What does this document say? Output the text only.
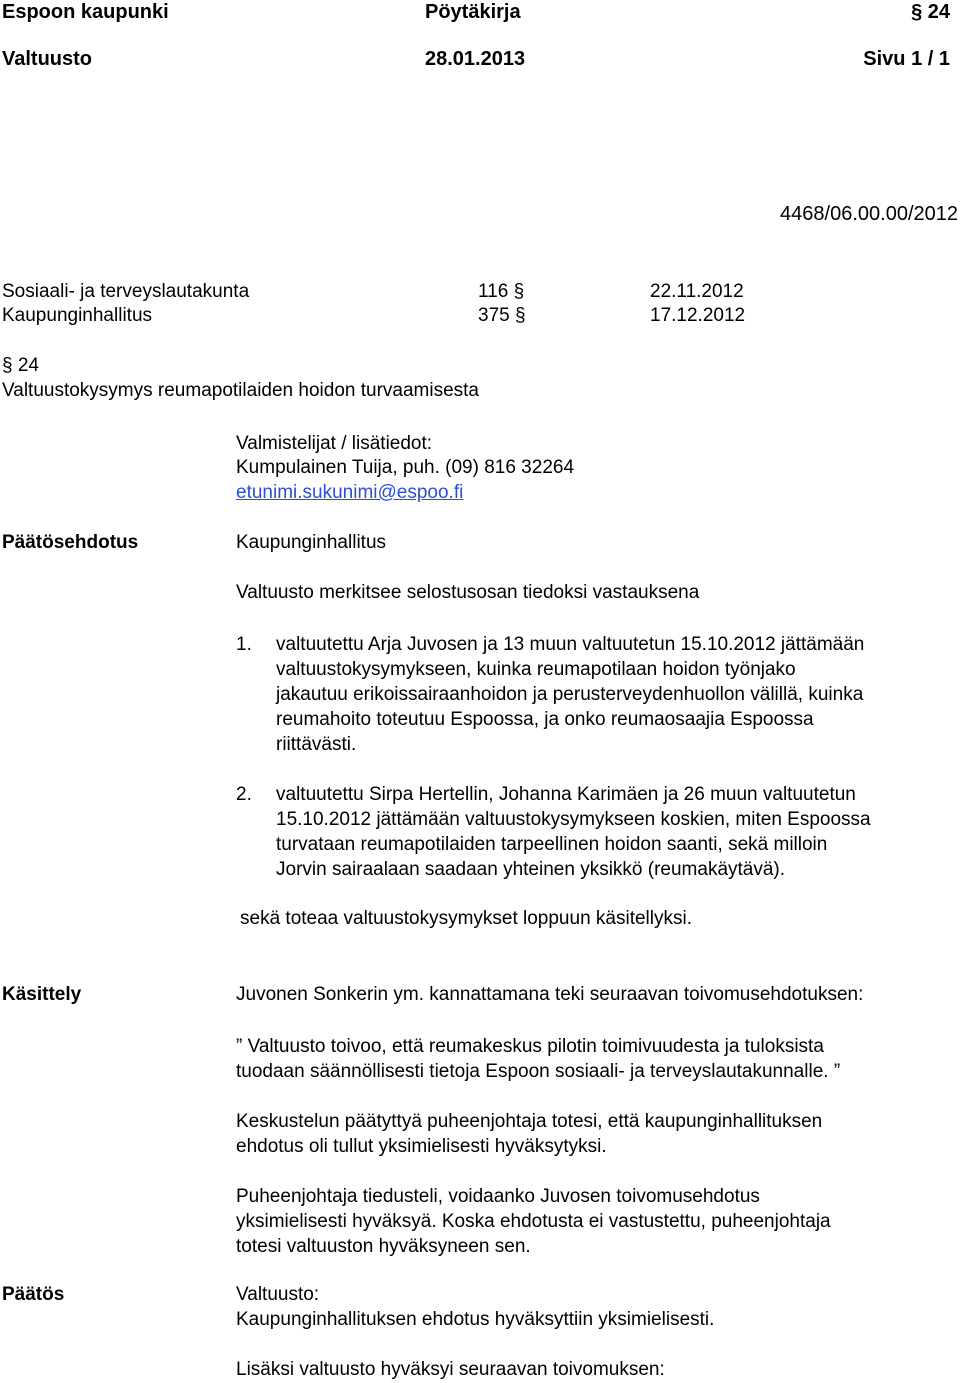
Espoon kaupunki	Pöytäkirja	§ 24
Valtuusto	28.01.2013	Sivu 1 / 1
4468/06.00.00/2012
Sosiaali- ja terveyslautakunta	116 §	22.11.2012
Kaupunginhallitus	375 §	17.12.2012
§ 24
Valtuustokysymys reumapotilaiden hoidon turvaamisesta
Valmistelijat / lisätiedot:
Kumpulainen Tuija, puh. (09) 816 32264
etunimi.sukunimi@espoo.fi
Päätösehdotus	Kaupunginhallitus
Valtuusto merkitsee selostusosan tiedoksi vastauksena
1. valtuutettu Arja Juvosen ja 13 muun valtuutetun 15.10.2012 jättämään
valtuustokysymykseen, kuinka reumapotilaan hoidon työnjako
jakautuu erikoissairaanhoidon ja perusterveydenhuollon välillä, kuinka
reumahoito toteutuu Espoossa, ja onko reumaosaajia Espoossa
riittävästi.
2. valtuutettu Sirpa Hertellin, Johanna Karimäen ja 26 muun valtuutetun
15.10.2012 jättämään valtuustokysymykseen koskien, miten Espoossa
turvataan reumapotilaiden tarpeellinen hoidon saanti, sekä milloin
Jorvin sairaalaan saadaan yhteinen yksikkö (reumakäytävä).
sekä toteaa valtuustokysymykset loppuun käsitellyksi.
Käsittely	Juvonen Sonkerin ym. kannattamana teki seuraavan toivomusehdotuksen:
” Valtuusto toivoo, että reumakeskus pilotin toimivuudesta ja tuloksista
tuodaan säännöllisesti tietoja Espoon sosiaali- ja terveyslautakunnalle. ”
Keskustelun päätyttyä puheenjohtaja totesi, että kaupunginhallituksen
ehdotus oli tullut yksimielisesti hyväksytyksi.
Puheenjohtaja tiedusteli, voidaanko Juvosen toivomusehdotus
yksimielisesti hyväksyä. Koska ehdotusta ei vastustettu, puheenjohtaja
totesi valtuuston hyväksyneen sen.
Päätös	Valtuusto:
Kaupunginhallituksen ehdotus hyväksyttiin yksimielisesti.
Lisäksi valtuusto hyväksyi seuraavan toivomuksen:
